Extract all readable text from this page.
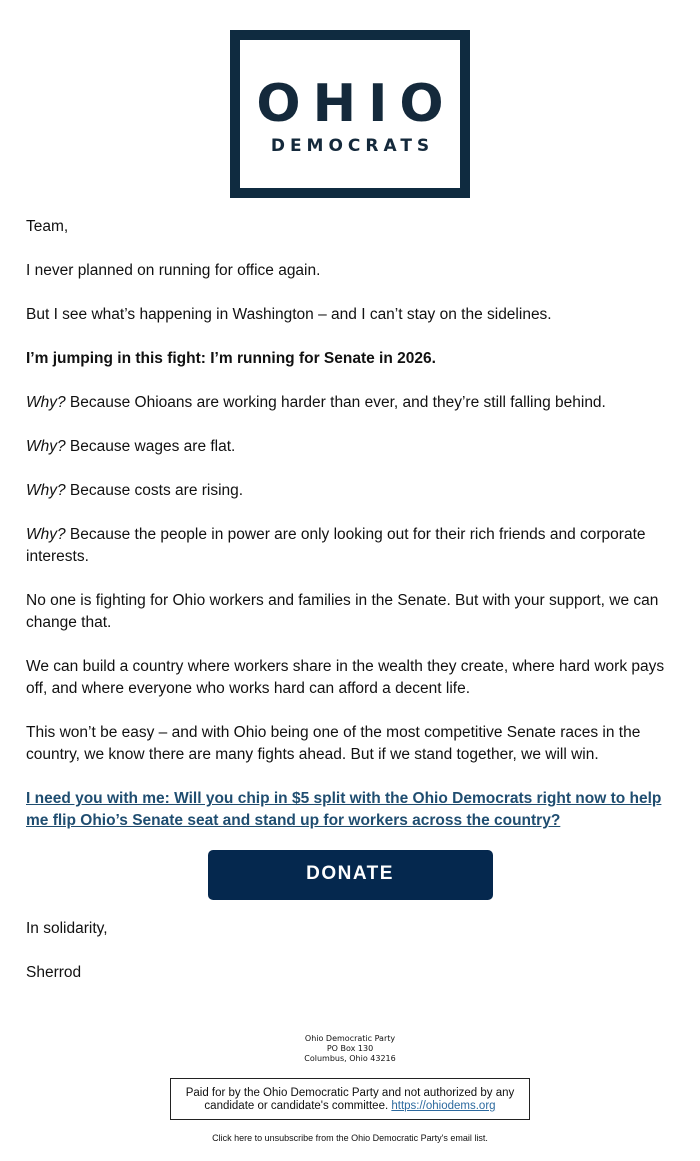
OHIO
DEMOCRATS

Team,

I never planned on running for office again.

But I see what’s happening in Washington – and I can’t stay on the sidelines.

I’m jumping in this fight: I’m running for Senate in 2026.

Why? Because Ohioans are working harder than ever, and they’re still falling behind.

Why? Because wages are flat.

Why? Because costs are rising.

Why? Because the people in power are only looking out for their rich friends and corporate interests.

No one is fighting for Ohio workers and families in the Senate. But with your support, we can change that.

We can build a country where workers share in the wealth they create, where hard work pays off, and where everyone who works hard can afford a decent life.

This won’t be easy – and with Ohio being one of the most competitive Senate races in the country, we know there are many fights ahead. But if we stand together, we will win.

I need you with me: Will you chip in $5 split with the Ohio Democrats right now to help me flip Ohio’s Senate seat and stand up for workers across the country?

DONATE

In solidarity,

Sherrod

Ohio Democratic Party
PO Box 130
Columbus, Ohio 43216
Paid for by the Ohio Democratic Party and not authorized by any candidate or candidate's committee. https://ohiodems.org
Click here to unsubscribe from the Ohio Democratic Party's email list.
